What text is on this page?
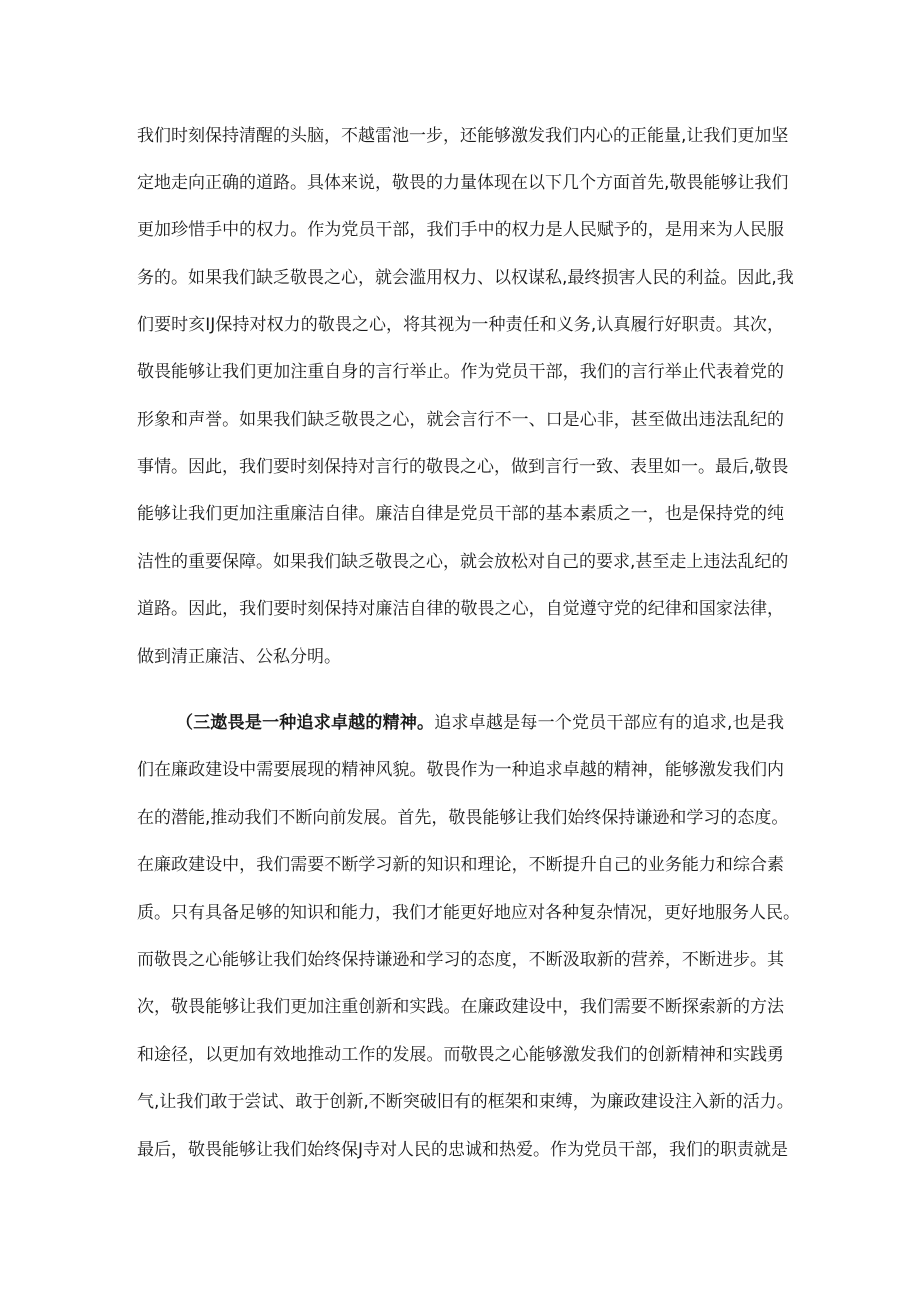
我们时刻保持清醒的头脑，不越雷池一步，还能够激发我们内心的正能量,让我们更加坚
定地走向正确的道路。具体来说，敬畏的力量体现在以下几个方面首先,敬畏能够让我们
更加珍惜手中的权力。作为党员干部，我们手中的权力是人民赋予的，是用来为人民服
务的。如果我们缺乏敬畏之心，就会滥用权力、以权谋私,最终损害人民的利益。因此,我
们要时亥IJ保持对权力的敬畏之心，将其视为一种责任和义务,认真履行好职责。其次，
敬畏能够让我们更加注重自身的言行举止。作为党员干部，我们的言行举止代表着党的
形象和声誉。如果我们缺乏敬畏之心，就会言行不一、口是心非，甚至做出违法乱纪的
事情。因此，我们要时刻保持对言行的敬畏之心，做到言行一致、表里如一。最后,敬畏
能够让我们更加注重廉洁自律。廉洁自律是党员干部的基本素质之一，也是保持党的纯
洁性的重要保障。如果我们缺乏敬畏之心，就会放松对自己的要求,甚至走上违法乱纪的
道路。因此，我们要时刻保持对廉洁自律的敬畏之心，自觉遵守党的纪律和国家法律，
做到清正廉洁、公私分明。
（三遨畏是一种追求卓越的精神。追求卓越是每一个党员干部应有的追求,也是我
们在廉政建设中需要展现的精神风貌。敬畏作为一种追求卓越的精神，能够激发我们内
在的潜能,推动我们不断向前发展。首先，敬畏能够让我们始终保持谦逊和学习的态度。
在廉政建设中，我们需要不断学习新的知识和理论，不断提升自己的业务能力和综合素
质。只有具备足够的知识和能力，我们才能更好地应对各种复杂情况，更好地服务人民。
而敬畏之心能够让我们始终保持谦逊和学习的态度，不断汲取新的营养，不断进步。其
次，敬畏能够让我们更加注重创新和实践。在廉政建设中，我们需要不断探索新的方法
和途径，以更加有效地推动工作的发展。而敬畏之心能够激发我们的创新精神和实践勇
气,让我们敢于尝试、敢于创新,不断突破旧有的框架和束缚，为廉政建设注入新的活力。
最后，敬畏能够让我们始终保J寺对人民的忠诚和热爱。作为党员干部，我们的职责就是
